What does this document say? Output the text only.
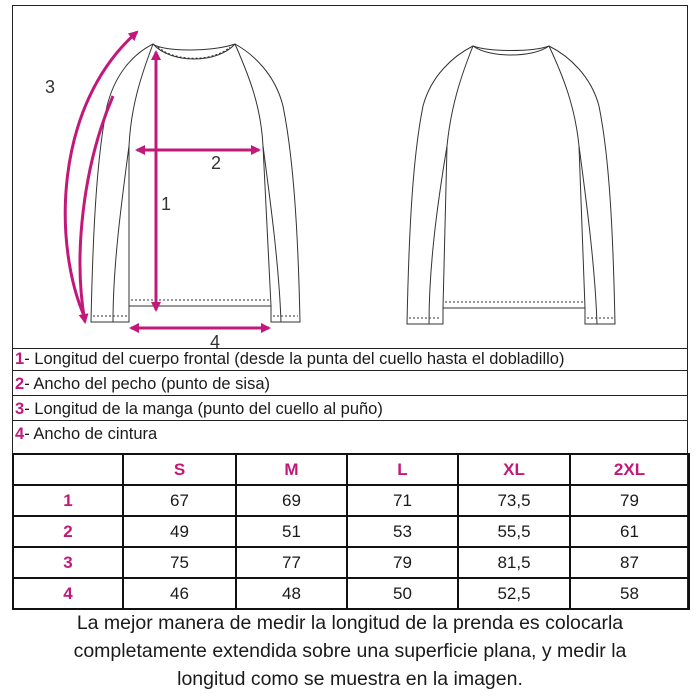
1
2
3
4
1- Longitud del cuerpo frontal (desde la punta del cuello hasta el dobladillo)
2- Ancho del pecho (punto de sisa)
3- Longitud de la manga (punto del cuello al puño)
4- Ancho de cintura
	S	M	L	XL	2XL
1	67	69	71	73,5	79
2	49	51	53	55,5	61
3	75	77	79	81,5	87
4	46	48	50	52,5	58
La mejor manera de medir la longitud de la prenda es colocarla
completamente extendida sobre una superficie plana, y medir la
longitud como se muestra en la imagen.
